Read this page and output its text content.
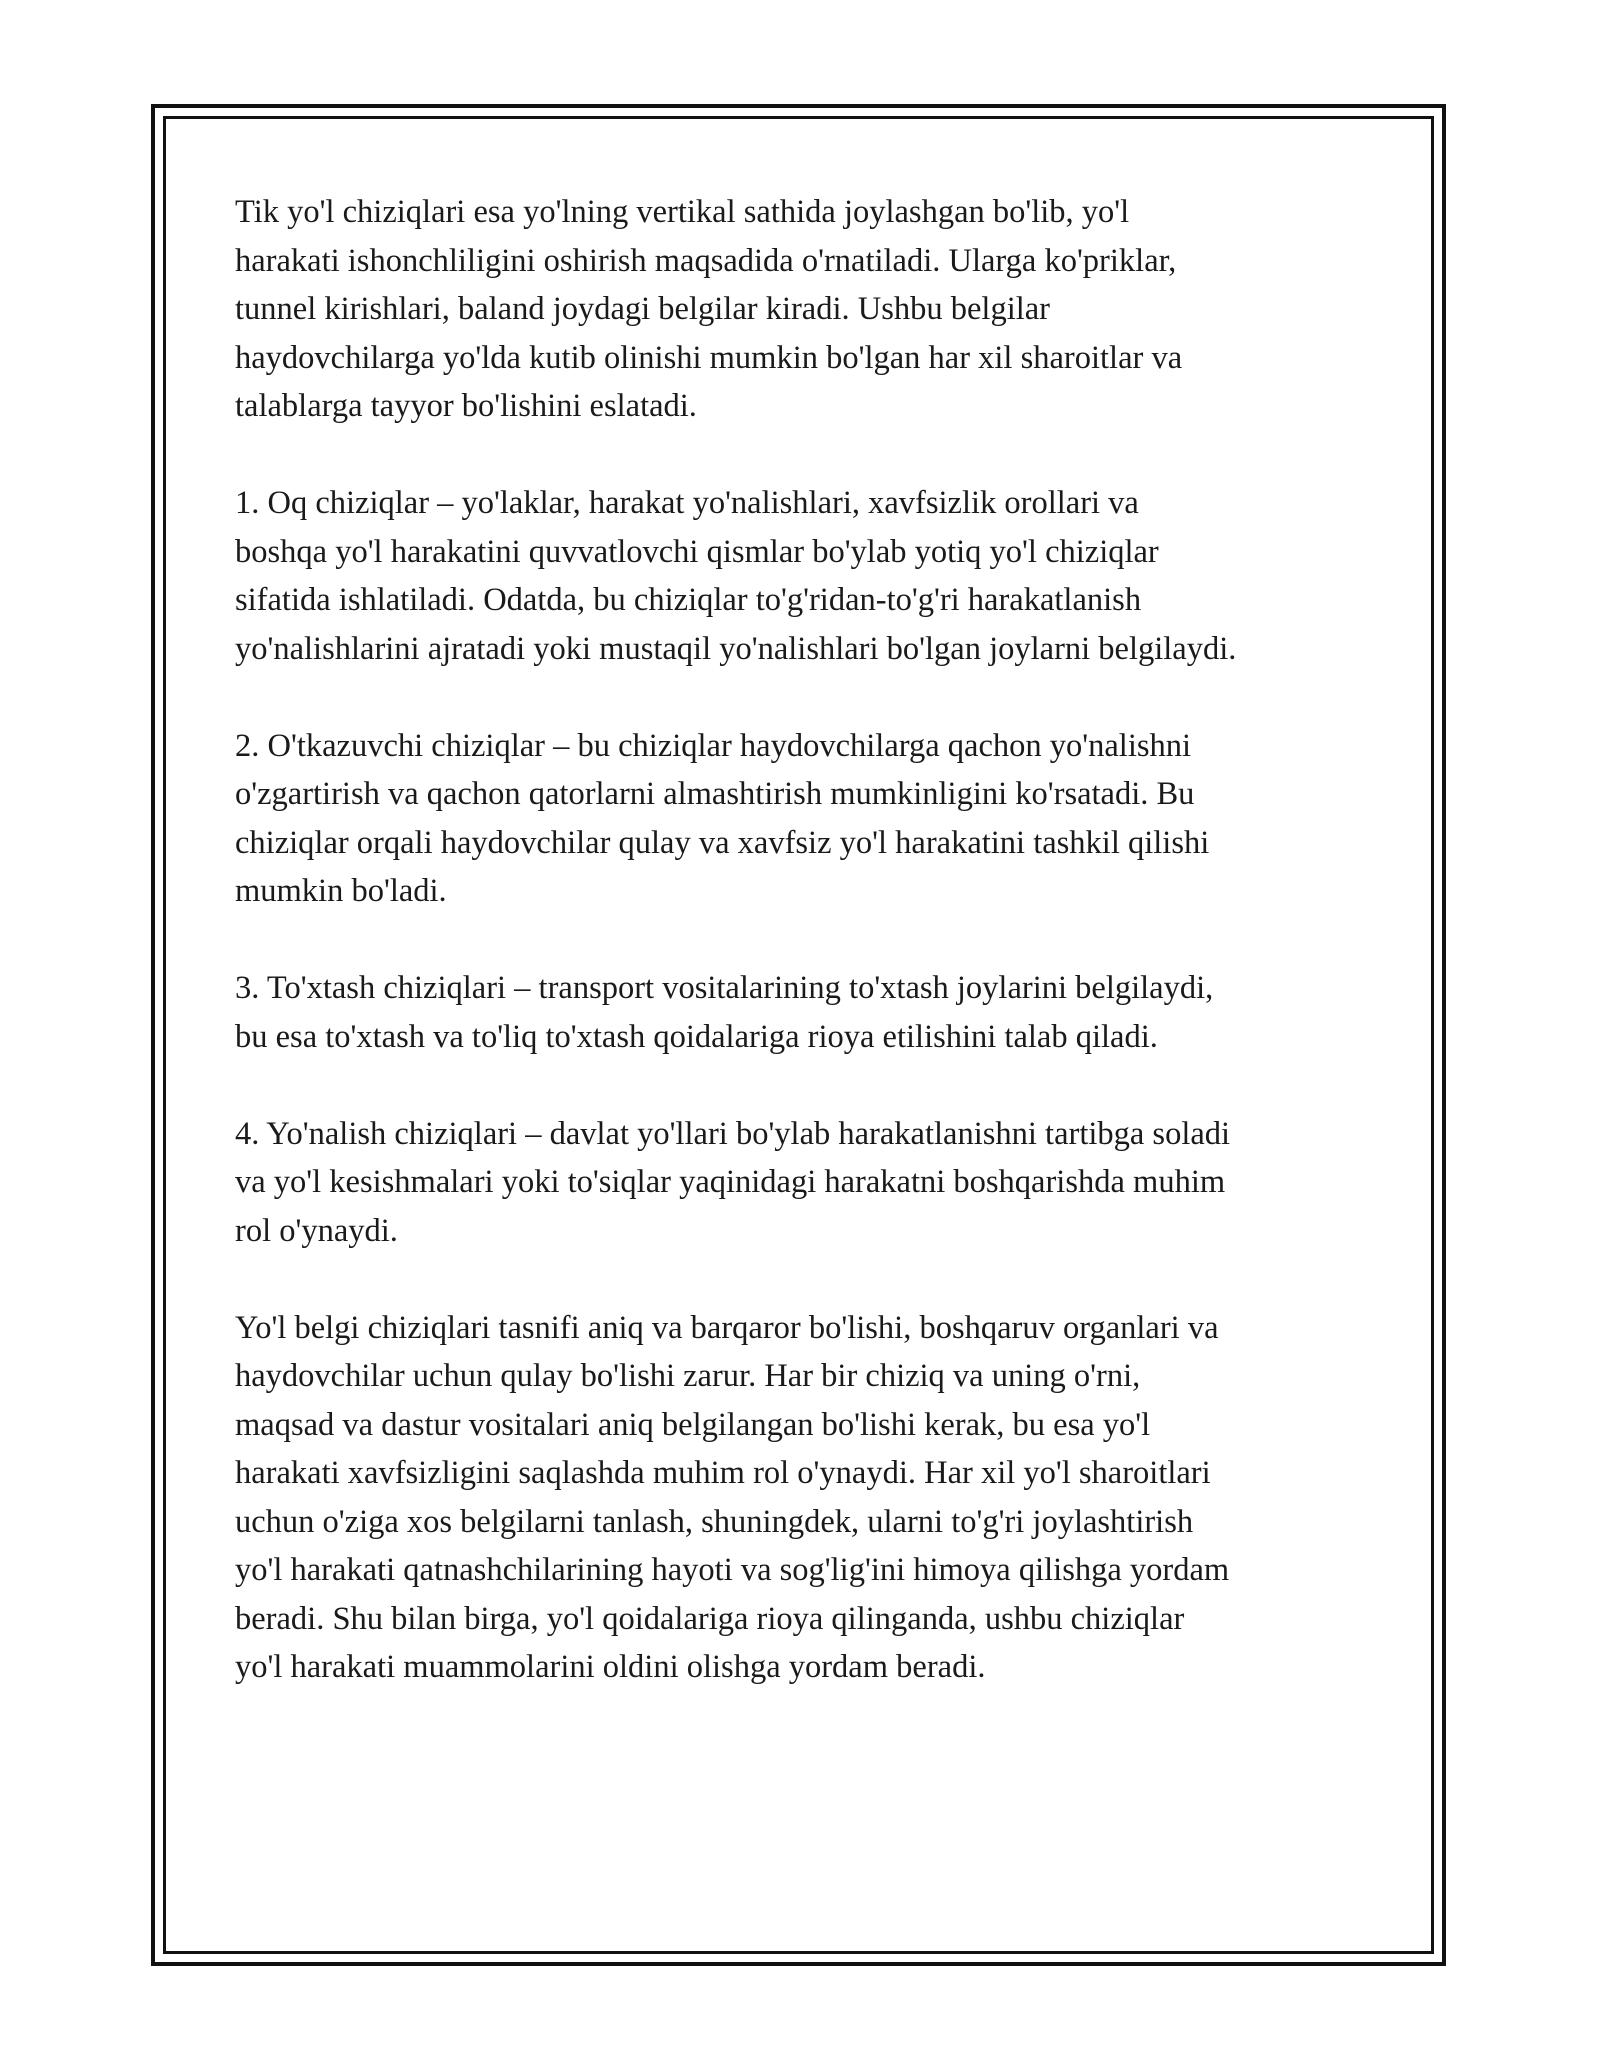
Tik yo'l chiziqlari esa yo'lning vertikal sathida joylashgan bo'lib, yo'l
harakati ishonchliligini oshirish maqsadida o'rnatiladi. Ularga ko'priklar,
tunnel kirishlari, baland joydagi belgilar kiradi. Ushbu belgilar
haydovchilarga yo'lda kutib olinishi mumkin bo'lgan har xil sharoitlar va
talablarga tayyor bo'lishini eslatadi.

1. Oq chiziqlar – yo'laklar, harakat yo'nalishlari, xavfsizlik orollari va
boshqa yo'l harakatini quvvatlovchi qismlar bo'ylab yotiq yo'l chiziqlar
sifatida ishlatiladi. Odatda, bu chiziqlar to'g'ridan-to'g'ri harakatlanish
yo'nalishlarini ajratadi yoki mustaqil yo'nalishlari bo'lgan joylarni belgilaydi.

2. O'tkazuvchi chiziqlar – bu chiziqlar haydovchilarga qachon yo'nalishni
o'zgartirish va qachon qatorlarni almashtirish mumkinligini ko'rsatadi. Bu
chiziqlar orqali haydovchilar qulay va xavfsiz yo'l harakatini tashkil qilishi
mumkin bo'ladi.

3. To'xtash chiziqlari – transport vositalarining to'xtash joylarini belgilaydi,
bu esa to'xtash va to'liq to'xtash qoidalariga rioya etilishini talab qiladi.

4. Yo'nalish chiziqlari – davlat yo'llari bo'ylab harakatlanishni tartibga soladi
va yo'l kesishmalari yoki to'siqlar yaqinidagi harakatni boshqarishda muhim
rol o'ynaydi.

Yo'l belgi chiziqlari tasnifi aniq va barqaror bo'lishi, boshqaruv organlari va
haydovchilar uchun qulay bo'lishi zarur. Har bir chiziq va uning o'rni,
maqsad va dastur vositalari aniq belgilangan bo'lishi kerak, bu esa yo'l
harakati xavfsizligini saqlashda muhim rol o'ynaydi. Har xil yo'l sharoitlari
uchun o'ziga xos belgilarni tanlash, shuningdek, ularni to'g'ri joylashtirish
yo'l harakati qatnashchilarining hayoti va sog'lig'ini himoya qilishga yordam
beradi. Shu bilan birga, yo'l qoidalariga rioya qilinganda, ushbu chiziqlar
yo'l harakati muammolarini oldini olishga yordam beradi.
